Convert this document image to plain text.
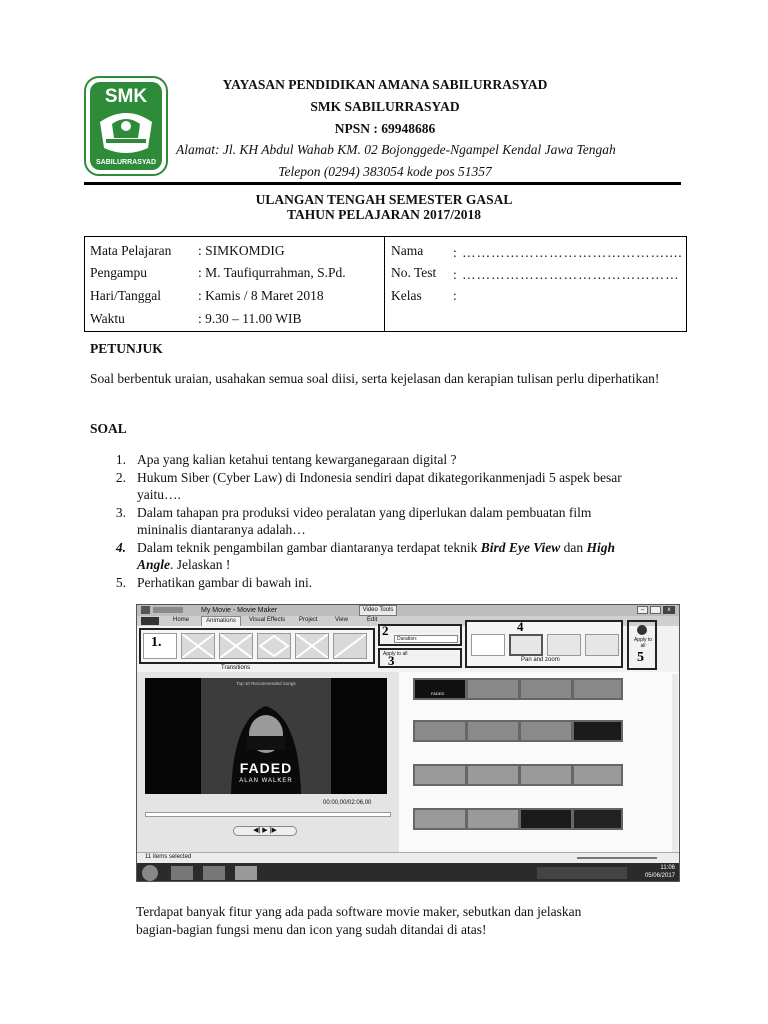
SMK
SABILURRASYAD
YAYASAN PENDIDIKAN AMANA SABILURRASYAD
SMK SABILURRASYAD
NPSN : 69948686
Alamat: Jl. KH Abdul Wahab KM. 02 Bojonggede-Ngampel Kendal Jawa Tengah
Telepon (0294) 383054 kode pos 51357
ULANGAN TENGAH SEMESTER GASAL
TAHUN PELAJARAN 2017/2018
Mata Pelajaran : SIMKOMDIG
Pengampu	: M. Taufiqurrahman, S.Pd.
Hari/Tanggal	: Kamis / 8 Maret 2018
Waktu	: 9.30 – 11.00 WIB
Nama : ……………………………………....
No. Test : ………………………………………
Kelas :
PETUNJUK
Soal berbentuk uraian, usahakan semua soal diisi, serta kejelasan dan kerapian tulisan perlu diperhatikan!
SOAL
1. Apa yang kalian ketahui tentang kewarganegaraan digital ?
2. Hukum Siber (Cyber Law) di Indonesia sendiri dapat dikategorikanmenjadi 5 aspek besar
yaitu….
3. Dalam tahapan pra produksi video peralatan yang diperlukan dalam pembuatan film
mininalis diantaranya adalah…
4. Dalam teknik pengambilan gambar diantaranya terdapat teknik Bird Eye View dan High
Angle. Jelaskan !
5. Perhatikan gambar di bawah ini.
My Movie - Movie Maker	Video Tools	–	x
Home	Animations	Visual Effects Project	View	Edit
1.
Transitions
2
Duration:
Apply to all
3
4
Pan and zoom
Apply to all
5
Top 10 Recommended Songs
FADED
ALAN WALKER
00:00,00/02:06,00
◀| ▶ |▶
FADED
11 items selected
11:06
05/06/2017
Terdapat banyak fitur yang ada pada software movie maker, sebutkan dan jelaskan
bagian-bagian fungsi menu dan icon yang sudah ditandai di atas!
